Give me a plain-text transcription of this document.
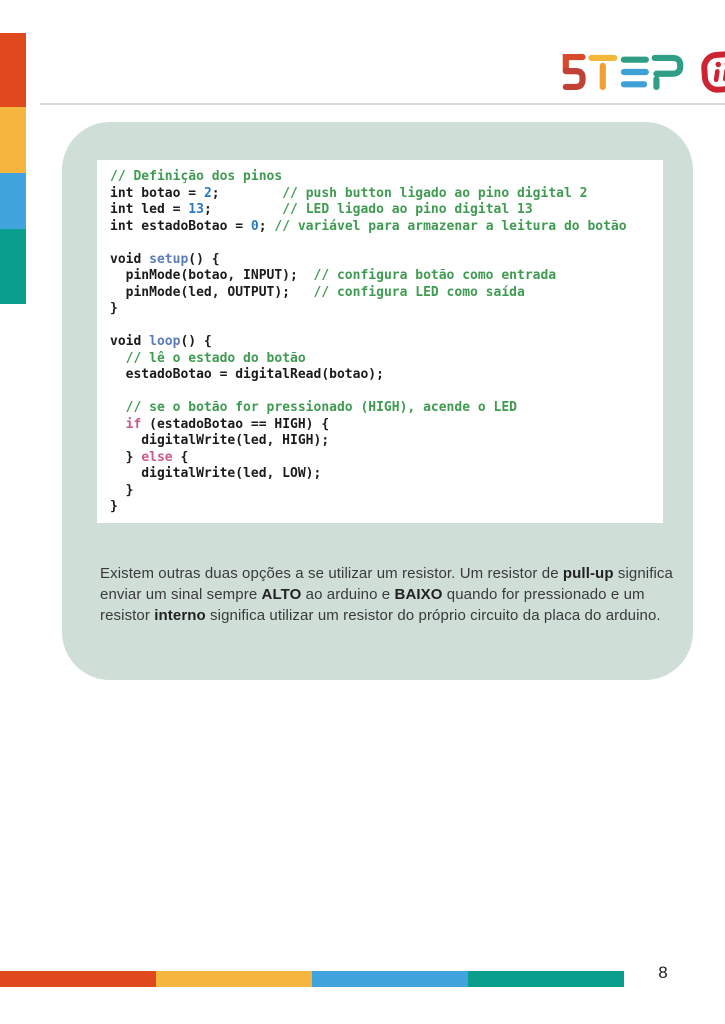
// Definição dos pinos
int botao = 2;        // push button ligado ao pino digital 2
int led = 13;         // LED ligado ao pino digital 13
int estadoBotao = 0; // variável para armazenar a leitura do botão

void setup() {
pinMode(botao, INPUT);  // configura botão como entrada
pinMode(led, OUTPUT);   // configura LED como saída
}

void loop() {
// lê o estado do botão
estadoBotao = digitalRead(botao);

// se o botão for pressionado (HIGH), acende o LED
if (estadoBotao == HIGH) {
digitalWrite(led, HIGH);
} else {
digitalWrite(led, LOW);
}
}

Existem outras duas opções a se utilizar um resistor. Um resistor de pull-up significa enviar um sinal sempre ALTO ao arduino e BAIXO quando for pressionado e um resistor interno significa utilizar um resistor do próprio circuito da placa do arduino.

8
